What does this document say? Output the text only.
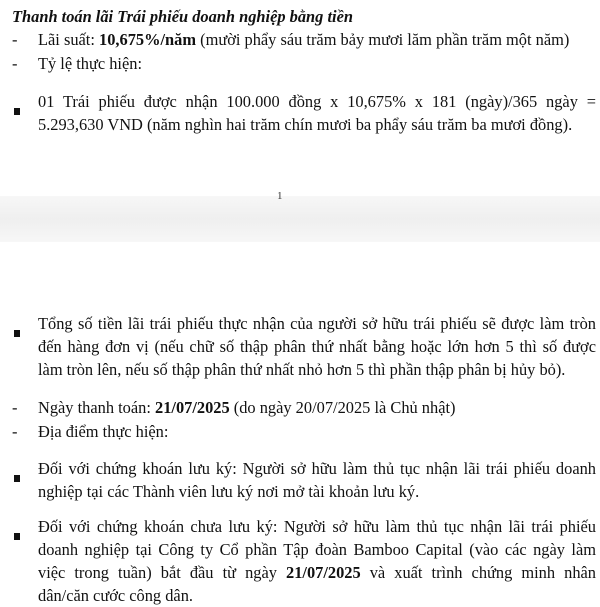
Thanh toán lãi Trái phiếu doanh nghiệp bằng tiền
- Lãi suất: 10,675%/năm (mười phẩy sáu trăm bảy mươi lăm phần trăm một năm)
- Tỷ lệ thực hiện:
01 Trái phiếu được nhận 100.000 đồng x 10,675% x 181 (ngày)/365 ngày =
5.293,630 VND (năm nghìn hai trăm chín mươi ba phẩy sáu trăm ba mươi đồng).
1
Tổng số tiền lãi trái phiếu thực nhận của người sở hữu trái phiếu sẽ được làm tròn
đến hàng đơn vị (nếu chữ số thập phân thứ nhất bằng hoặc lớn hơn 5 thì số được
làm tròn lên, nếu số thập phân thứ nhất nhỏ hơn 5 thì phần thập phân bị hủy bỏ).
- Ngày thanh toán: 21/07/2025 (do ngày 20/07/2025 là Chủ nhật)
- Địa điểm thực hiện:
Đối với chứng khoán lưu ký: Người sở hữu làm thủ tục nhận lãi trái phiếu doanh
nghiệp tại các Thành viên lưu ký nơi mở tài khoản lưu ký.
Đối với chứng khoán chưa lưu ký: Người sở hữu làm thủ tục nhận lãi trái phiếu
doanh nghiệp tại Công ty Cổ phần Tập đoàn Bamboo Capital (vào các ngày làm
việc trong tuần) bắt đầu từ ngày 21/07/2025 và xuất trình chứng minh nhân
dân/căn cước công dân.
